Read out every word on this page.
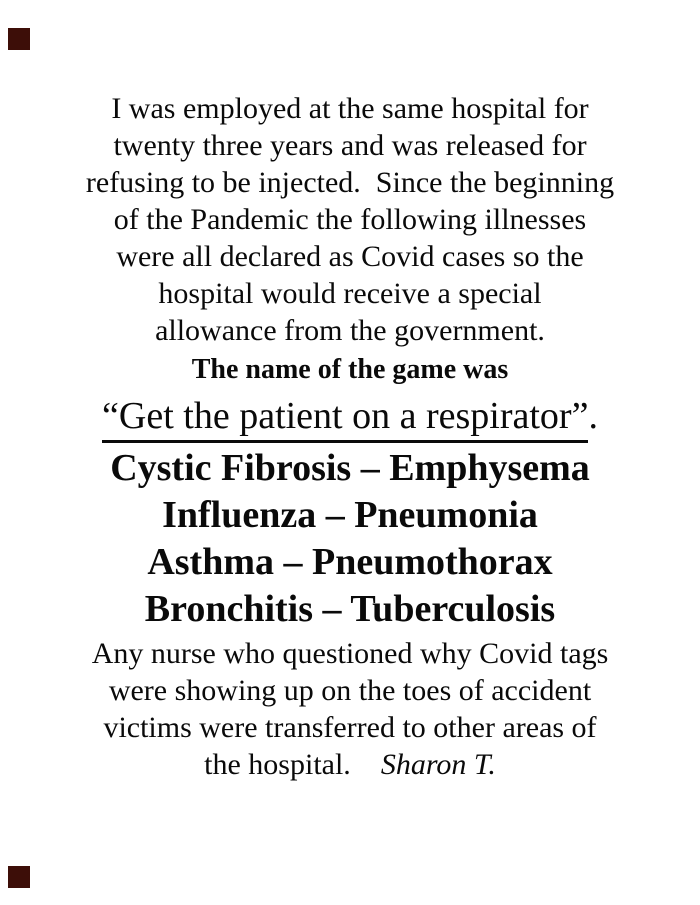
I was employed at the same hospital for
twenty three years and was released for
refusing to be injected.  Since the beginning
of the Pandemic the following illnesses
were all declared as Covid cases so the
hospital would receive a special
allowance from the government.
The name of the game was
“Get the patient on a respirator”.
Cystic Fibrosis – Emphysema
Influenza – Pneumonia
Asthma – Pneumothorax
Bronchitis – Tuberculosis
Any nurse who questioned why Covid tags
were showing up on the toes of accident
victims were transferred to other areas of
the hospital. Sharon T.
